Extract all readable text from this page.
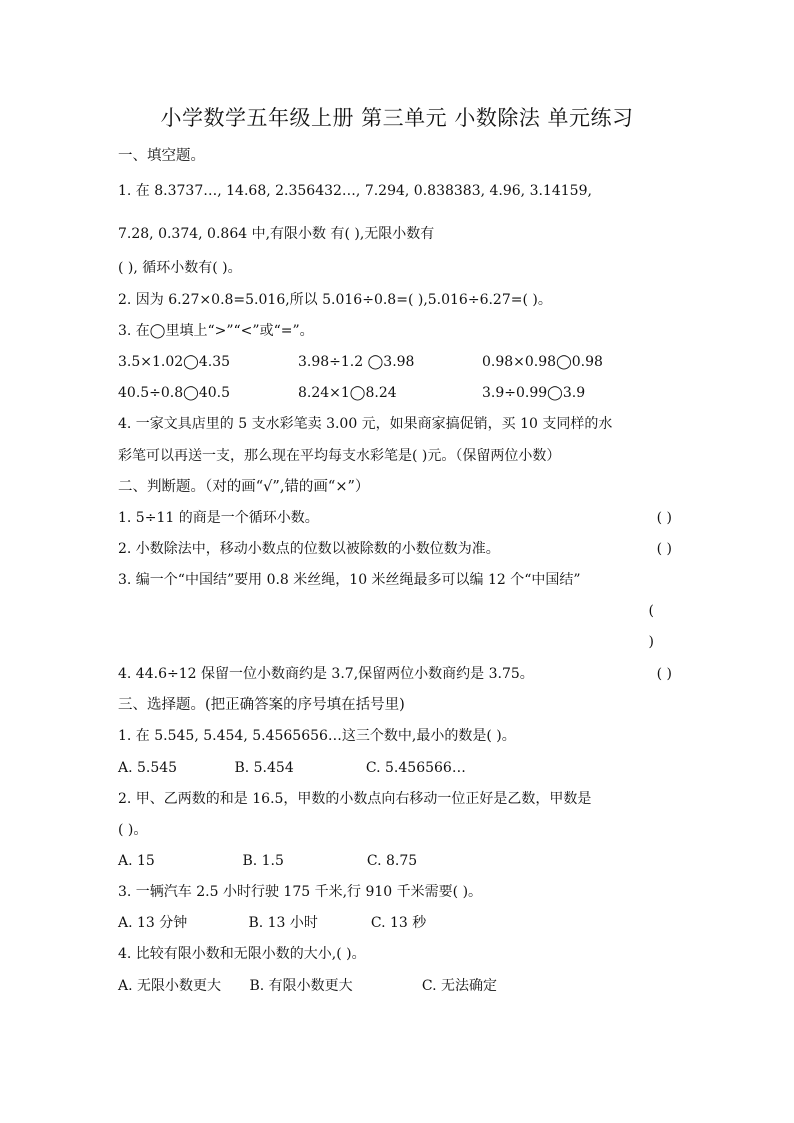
小学数学五年级上册 第三单元 小数除法 单元练习
一、填空题。
1. 在 8.3737…, 14.68, 2.356432…, 7.294, 0.838383, 4.96, 3.14159,
7.28, 0.374, 0.864 中,有限小数 有( ),无限小数有
( ), 循环小数有( )。
2. 因为 6.27×0.8=5.016,所以 5.016÷0.8=( ),5.016÷6.27=( )。
3. 在◯里填上“>”“<”或“=”。
3.5×1.02◯4.35	3.98÷1.2 ◯3.98	0.98×0.98◯0.98
40.5÷0.8◯40.5	8.24×1◯8.24	3.9÷0.99◯3.9
4. 一家文具店里的 5 支水彩笔卖 3.00 元，如果商家搞促销，买 10 支同样的水
彩笔可以再送一支，那么现在平均每支水彩笔是( )元。（保留两位小数）
二、判断题。（对的画“√”,错的画“×”）
1. 5÷11 的商是一个循环小数。	( )
2. 小数除法中，移动小数点的位数以被除数的小数位数为准。	( )
3. 编一个“中国结”要用 0.8 米丝绳，10 米丝绳最多可以编 12 个“中国结”
(
)
4. 44.6÷12 保留一位小数商约是 3.7,保留两位小数商约是 3.75。	( )
三、选择题。(把正确答案的序号填在括号里)
1. 在 5.545, 5.454, 5.4565656…这三个数中,最小的数是( )。
A. 5.545	B. 5.454	C. 5.456566…
2. 甲、乙两数的和是 16.5，甲数的小数点向右移动一位正好是乙数，甲数是
( )。
A. 15	B. 1.5	C. 8.75
3. 一辆汽车 2.5 小时行驶 175 千米,行 910 千米需要( )。
A. 13 分钟	B. 13 小时	C. 13 秒
4. 比较有限小数和无限小数的大小,( )。
A. 无限小数更大 B. 有限小数更大	C. 无法确定
